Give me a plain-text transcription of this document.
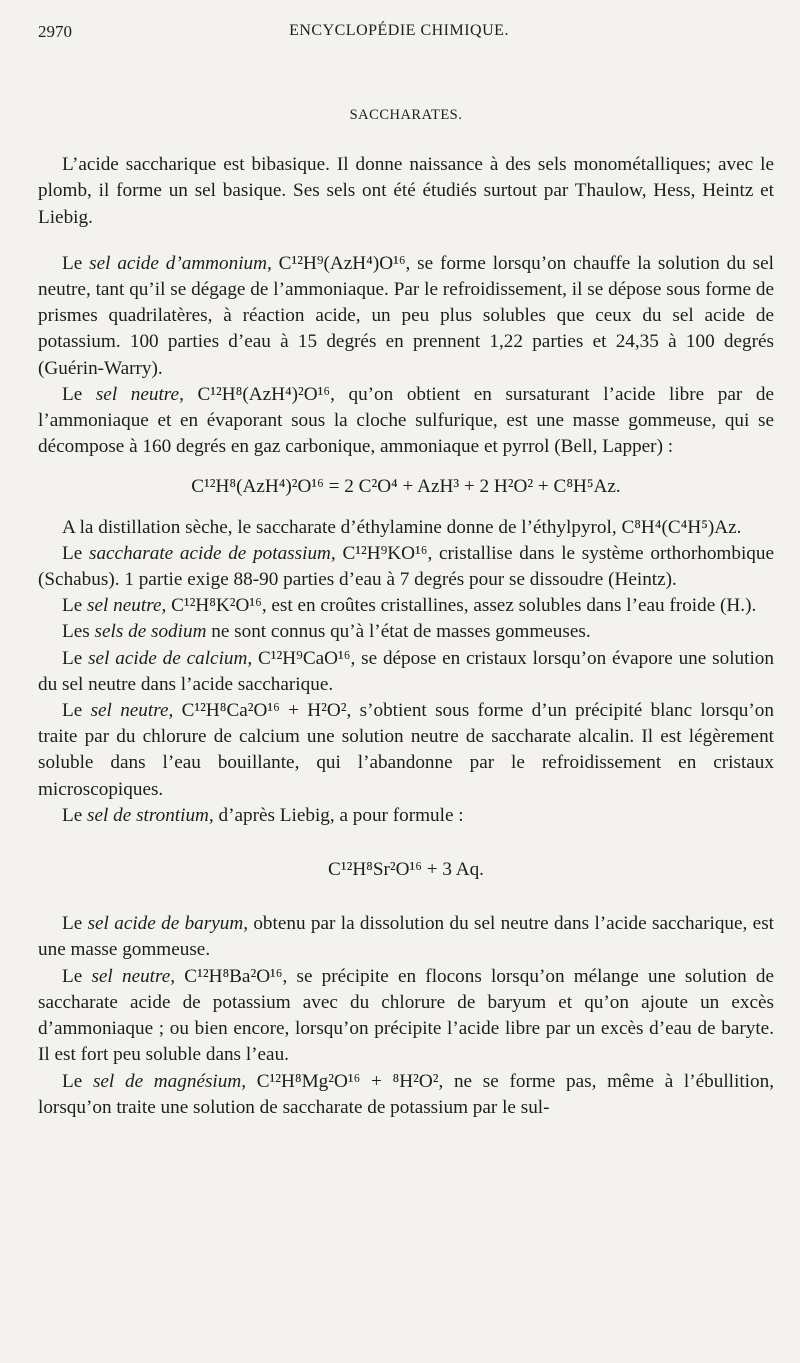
2970	ENCYCLOPÉDIE CHIMIQUE.
SACCHARATES.

L’acide saccharique est bibasique. Il donne naissance à des sels monométalliques; avec le plomb, il forme un sel basique. Ses sels ont été étudiés surtout par Thaulow, Hess, Heintz et Liebig.

Le sel acide d’ammonium, C¹²H⁹(AzH⁴)O¹⁶, se forme lorsqu’on chauffe la solution du sel neutre, tant qu’il se dégage de l’ammoniaque. Par le refroidissement, il se dépose sous forme de prismes quadrilatères, à réaction acide, un peu plus solubles que ceux du sel acide de potassium. 100 parties d’eau à 15 degrés en prennent 1,22 parties et 24,35 à 100 degrés (Guérin-Warry).

Le sel neutre, C¹²H⁸(AzH⁴)²O¹⁶, qu’on obtient en sursaturant l’acide libre par de l’ammoniaque et en évaporant sous la cloche sulfurique, est une masse gommeuse, qui se décompose à 160 degrés en gaz carbonique, ammoniaque et pyrrol (Bell, Lapper) :

C¹²H⁸(AzH⁴)²O¹⁶ = 2 C²O⁴ + AzH³ + 2 H²O² + C⁸H⁵Az.

A la distillation sèche, le saccharate d’éthylamine donne de l’éthylpyrol, C⁸H⁴(C⁴H⁵)Az.

Le saccharate acide de potassium, C¹²H⁹KO¹⁶, cristallise dans le système orthorhombique (Schabus). 1 partie exige 88-90 parties d’eau à 7 degrés pour se dissoudre (Heintz).

Le sel neutre, C¹²H⁸K²O¹⁶, est en croûtes cristallines, assez solubles dans l’eau froide (H.).

Les sels de sodium ne sont connus qu’à l’état de masses gommeuses.

Le sel acide de calcium, C¹²H⁹CaO¹⁶, se dépose en cristaux lorsqu’on évapore une solution du sel neutre dans l’acide saccharique.

Le sel neutre, C¹²H⁸Ca²O¹⁶ + H²O², s’obtient sous forme d’un précipité blanc lorsqu’on traite par du chlorure de calcium une solution neutre de saccharate alcalin. Il est légèrement soluble dans l’eau bouillante, qui l’abandonne par le refroidissement en cristaux microscopiques.

Le sel de strontium, d’après Liebig, a pour formule :

C¹²H⁸Sr²O¹⁶ + 3 Aq.

Le sel acide de baryum, obtenu par la dissolution du sel neutre dans l’acide saccharique, est une masse gommeuse.

Le sel neutre, C¹²H⁸Ba²O¹⁶, se précipite en flocons lorsqu’on mélange une solution de saccharate acide de potassium avec du chlorure de baryum et qu’on ajoute un excès d’ammoniaque ; ou bien encore, lorsqu’on précipite l’acide libre par un excès d’eau de baryte. Il est fort peu soluble dans l’eau.

Le sel de magnésium, C¹²H⁸Mg²O¹⁶ + ⁸H²O², ne se forme pas, même à l’ébullition, lorsqu’on traite une solution de saccharate de potassium par le sul-
